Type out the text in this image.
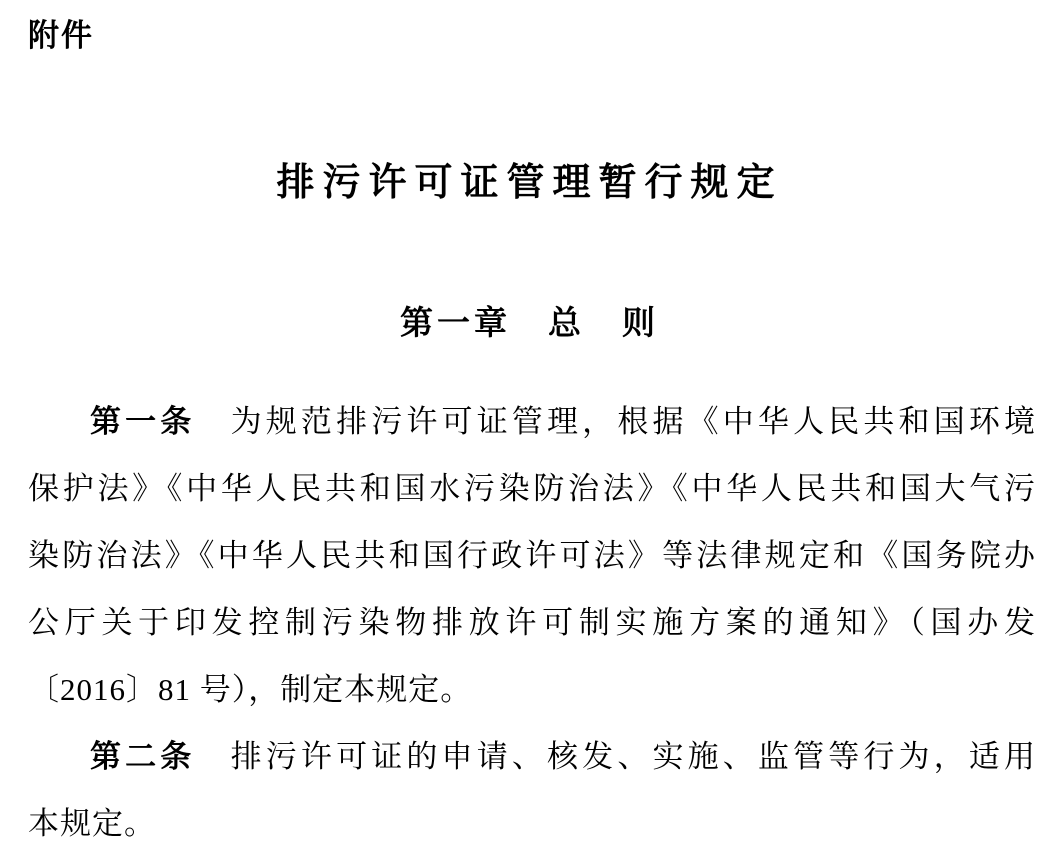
附件
排污许可证管理暂行规定
第一章　总　则
第一条　为规范排污许可证管理，根据《中华人民共和国环境
保护法》《中华人民共和国水污染防治法》《中华人民共和国大气污
染防治法》《中华人民共和国行政许可法》等法律规定和《国务院办
公厅关于印发控制污染物排放许可制实施方案的通知》（国办发
〔2016〕81 号），制定本规定。
第二条　排污许可证的申请、核发、实施、监管等行为，适用
本规定。
